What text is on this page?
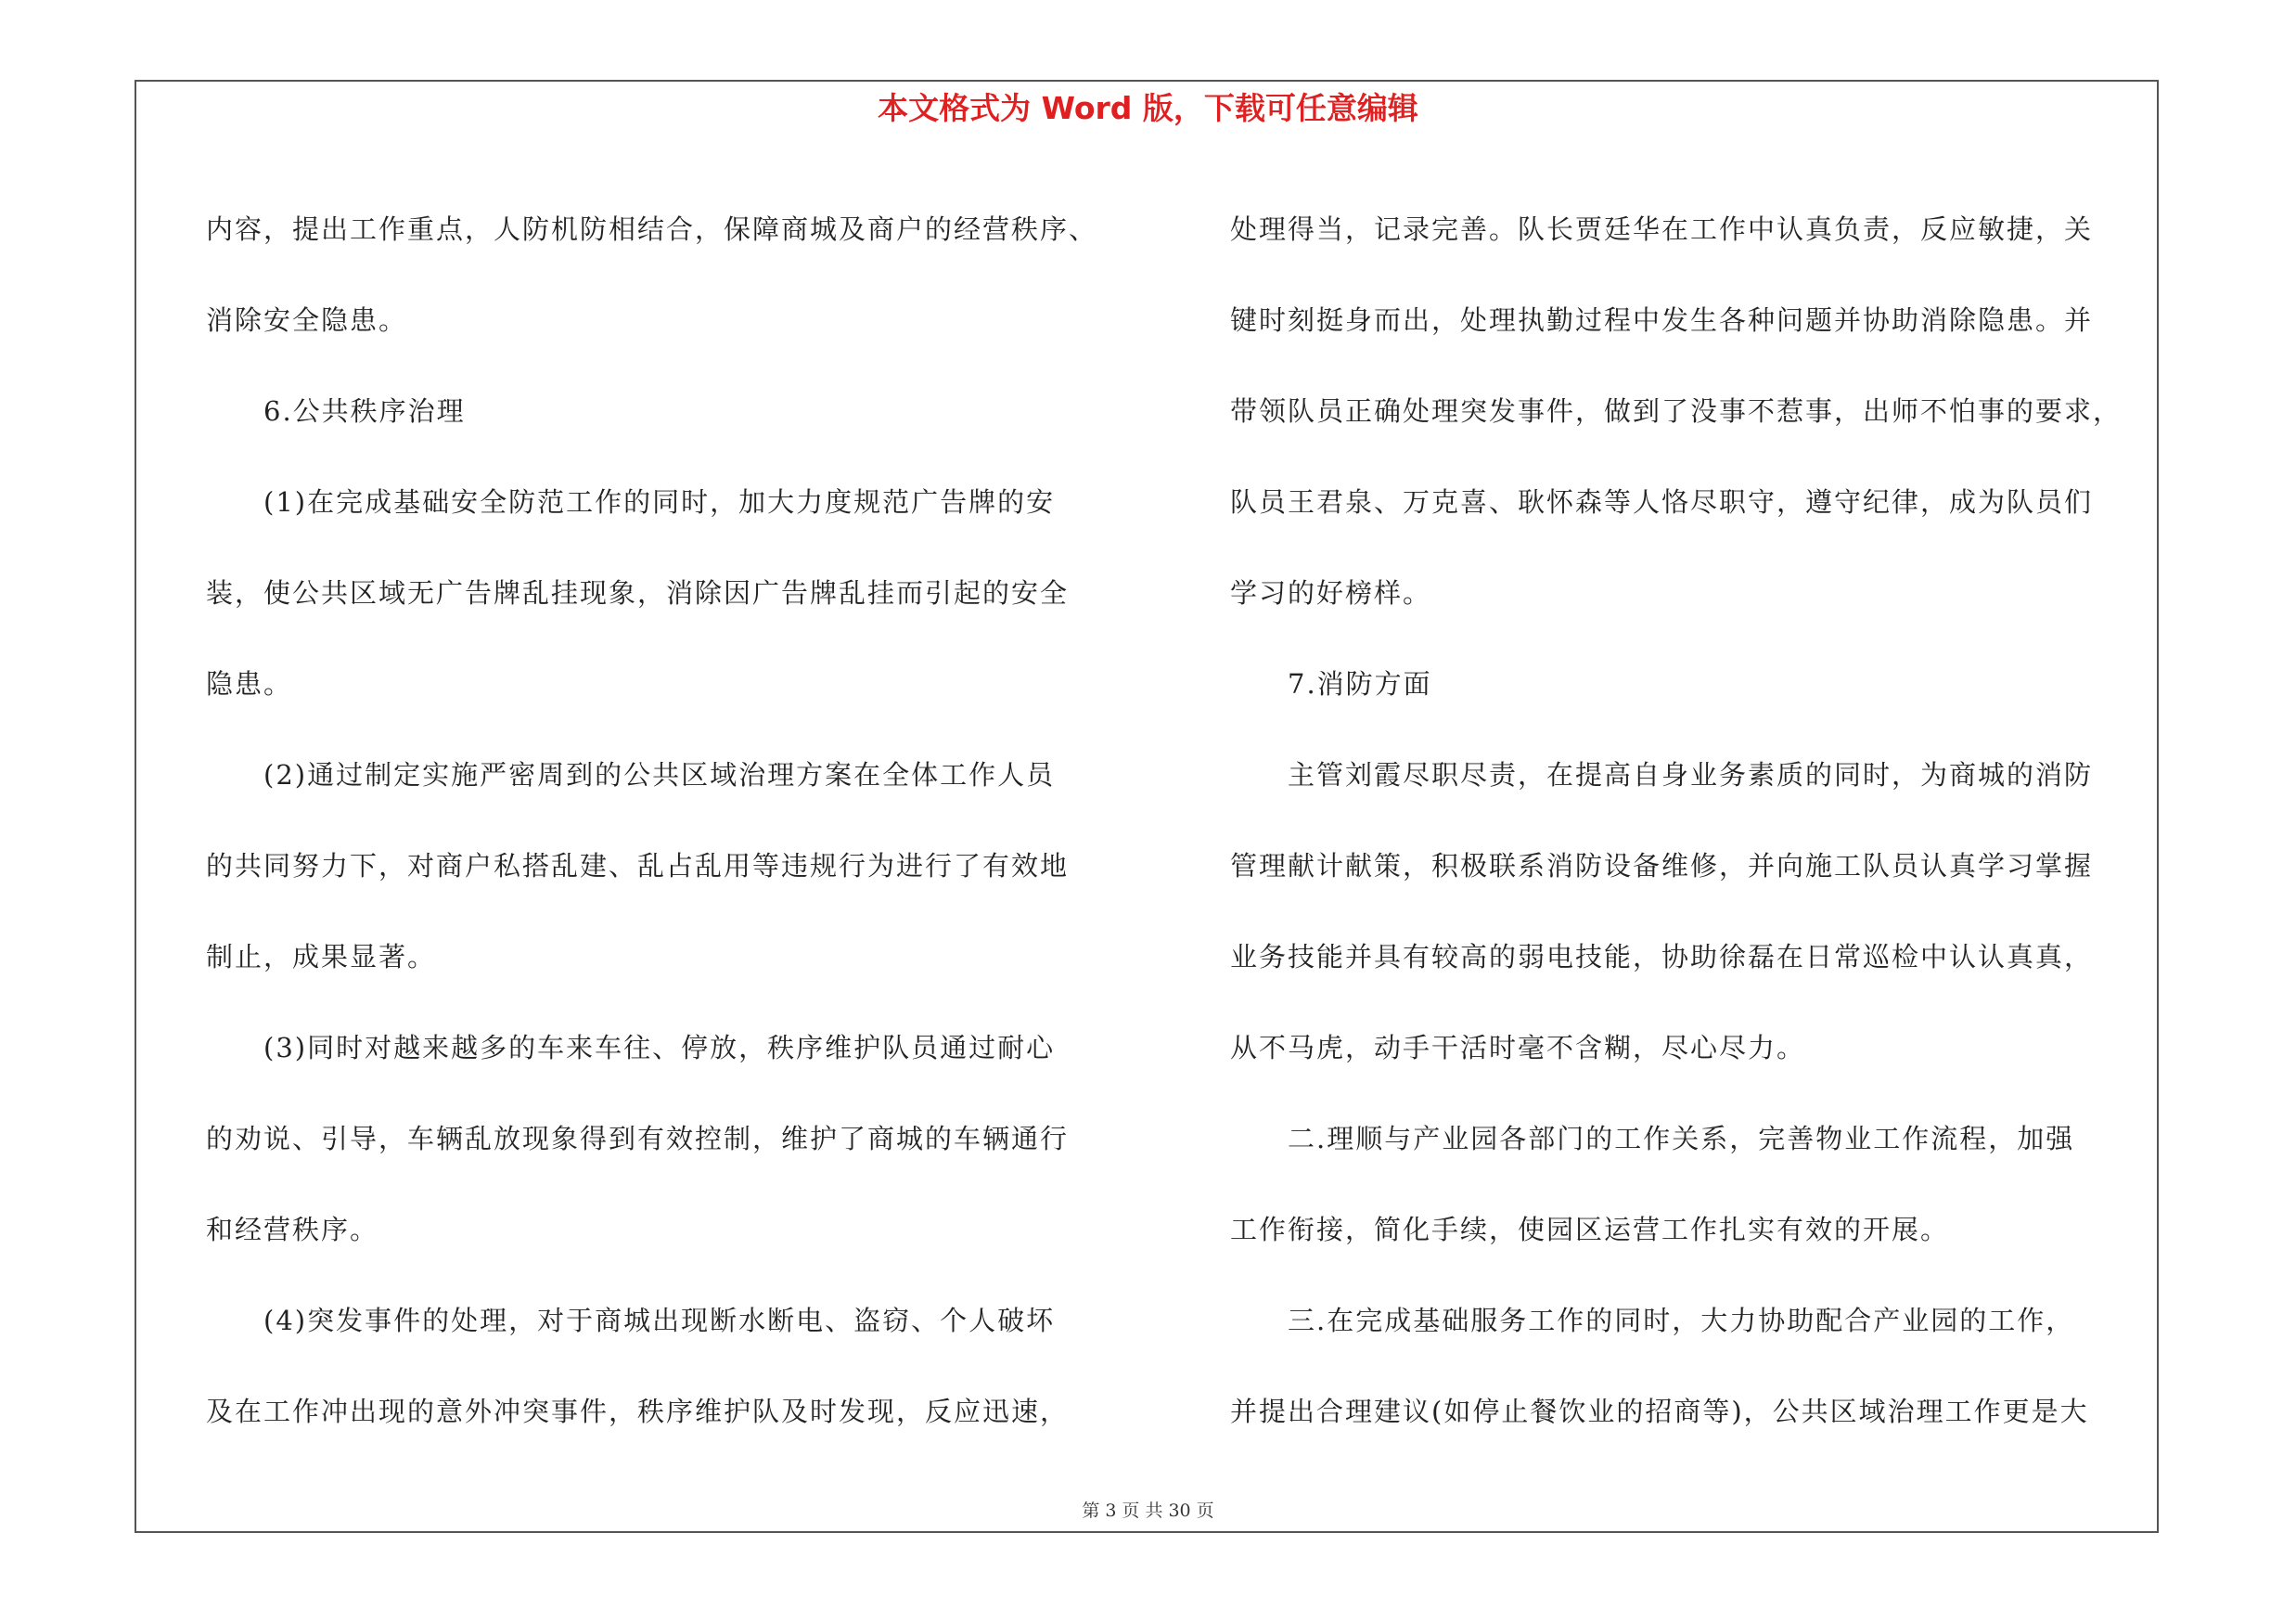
本文格式为 Word 版，下载可任意编辑
内容，提出工作重点，人防机防相结合，保障商城及商户的经营秩序、
消除安全隐患。
6.公共秩序治理
(1)在完成基础安全防范工作的同时，加大力度规范广告牌的安
装，使公共区域无广告牌乱挂现象，消除因广告牌乱挂而引起的安全
隐患。
(2)通过制定实施严密周到的公共区域治理方案在全体工作人员
的共同努力下，对商户私搭乱建、乱占乱用等违规行为进行了有效地
制止，成果显著。
(3)同时对越来越多的车来车往、停放，秩序维护队员通过耐心
的劝说、引导，车辆乱放现象得到有效控制，维护了商城的车辆通行
和经营秩序。
(4)突发事件的处理，对于商城出现断水断电、盗窃、个人破坏
及在工作冲出现的意外冲突事件，秩序维护队及时发现，反应迅速，
处理得当，记录完善。队长贾廷华在工作中认真负责，反应敏捷，关
键时刻挺身而出，处理执勤过程中发生各种问题并协助消除隐患。并
带领队员正确处理突发事件，做到了没事不惹事，出师不怕事的要求，
队员王君泉、万克喜、耿怀森等人恪尽职守，遵守纪律，成为队员们
学习的好榜样。
7.消防方面
主管刘霞尽职尽责，在提高自身业务素质的同时，为商城的消防
管理献计献策，积极联系消防设备维修，并向施工队员认真学习掌握
业务技能并具有较高的弱电技能，协助徐磊在日常巡检中认认真真，
从不马虎，动手干活时毫不含糊，尽心尽力。
二.理顺与产业园各部门的工作关系，完善物业工作流程，加强
工作衔接，简化手续，使园区运营工作扎实有效的开展。
三.在完成基础服务工作的同时，大力协助配合产业园的工作，
并提出合理建议(如停止餐饮业的招商等)，公共区域治理工作更是大
第 3 页 共 30 页
